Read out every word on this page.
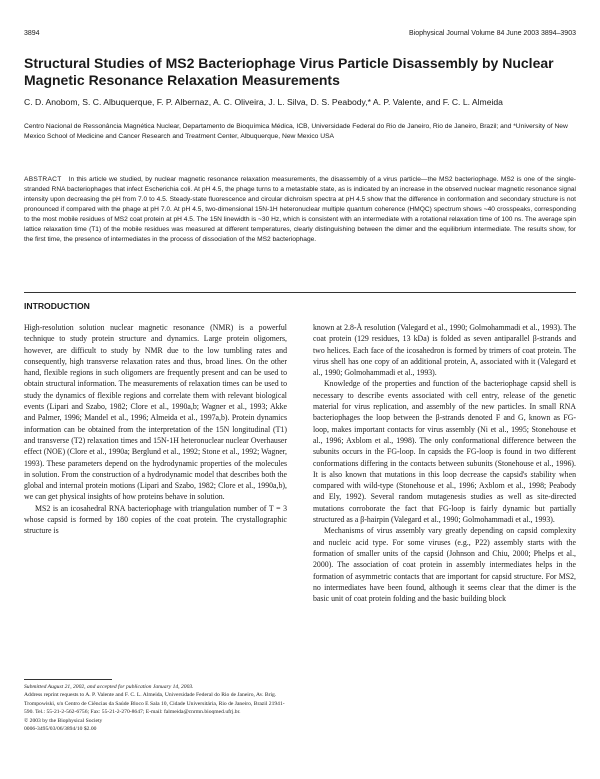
3894	Biophysical Journal Volume 84 June 2003 3894–3903
Structural Studies of MS2 Bacteriophage Virus Particle Disassembly by Nuclear Magnetic Resonance Relaxation Measurements
C. D. Anobom, S. C. Albuquerque, F. P. Albernaz, A. C. Oliveira, J. L. Silva, D. S. Peabody,* A. P. Valente, and F. C. L. Almeida
Centro Nacional de Ressonância Magnética Nuclear, Departamento de Bioquímica Médica, ICB, Universidade Federal do Rio de Janeiro, Rio de Janeiro, Brazil; and *University of New Mexico School of Medicine and Cancer Research and Treatment Center, Albuquerque, New Mexico USA
ABSTRACT In this article we studied, by nuclear magnetic resonance relaxation measurements, the disassembly of a virus particle—the MS2 bacteriophage. MS2 is one of the single-stranded RNA bacteriophages that infect Escherichia coli. At pH 4.5, the phage turns to a metastable state, as is indicated by an increase in the observed nuclear magnetic resonance signal intensity upon decreasing the pH from 7.0 to 4.5. Steady-state fluorescence and circular dichroism spectra at pH 4.5 show that the difference in conformation and secondary structure is not pronounced if compared with the phage at pH 7.0. At pH 4.5, two-dimensional 15N-1H heteronuclear multiple quantum coherence (HMQC) spectrum shows ~40 crosspeaks, corresponding to the most mobile residues of MS2 coat protein at pH 4.5. The 15N linewidth is ~30 Hz, which is consistent with an intermediate with a rotational relaxation time of 100 ns. The average spin lattice relaxation time (T1) of the mobile residues was measured at different temperatures, clearly distinguishing between the dimer and the equilibrium intermediate. The results show, for the first time, the presence of intermediates in the process of dissociation of the MS2 bacteriophage.
INTRODUCTION

High-resolution solution nuclear magnetic resonance (NMR) is a powerful technique to study protein structure and dynamics. Large protein oligomers, however, are difficult to study by NMR due to the low tumbling rates and consequently, high transverse relaxation rates and thus, broad lines. On the other hand, flexible regions in such oligomers are frequently present and can be used to obtain structural information. The measurements of relaxation times can be used to study the dynamics of flexible regions and correlate them with relevant biological events (Lipari and Szabo, 1982; Clore et al., 1990a,b; Wagner et al., 1993; Akke and Palmer, 1996; Mandel et al., 1996; Almeida et al., 1997a,b). Protein dynamics information can be obtained from the interpretation of the 15N longitudinal (T1) and transverse (T2) relaxation times and 15N-1H heteronuclear nuclear Overhauser effect (NOE) (Clore et al., 1990a; Berglund et al., 1992; Stone et al., 1992; Wagner, 1993). These parameters depend on the hydrodynamic properties of the molecules in solution. From the construction of a hydrodynamic model that describes both the global and internal protein motions (Lipari and Szabo, 1982; Clore et al., 1990a,b), we can get physical insights of how proteins behave in solution.

MS2 is an icosahedral RNA bacteriophage with triangulation number of T = 3 whose capsid is formed by 180 copies of the coat protein. The crystallographic structure is

known at 2.8-Å resolution (Valegard et al., 1990; Golmohammadi et al., 1993). The coat protein (129 residues, 13 kDa) is folded as seven antiparallel β-strands and two helices. Each face of the icosahedron is formed by trimers of coat protein. The virus shell has one copy of an additional protein, A, associated with it (Valegard et al., 1990; Golmohammadi et al., 1993).

Knowledge of the properties and function of the bacteriophage capsid shell is necessary to describe events associated with cell entry, release of the genetic material for virus replication, and assembly of the new particles. In small RNA bacteriophages the loop between the β-strands denoted F and G, known as FG-loop, makes important contacts for virus assembly (Ni et al., 1995; Stonehouse et al., 1996; Axblom et al., 1998). The only conformational difference between the subunits occurs in the FG-loop. In capsids the FG-loop is found in two different conformations differing in the contacts between subunits (Stonehouse et al., 1996). It is also known that mutations in this loop decrease the capsid's stability when compared with wild-type (Stonehouse et al., 1996; Axblom et al., 1998; Peabody and Ely, 1992). Several random mutagenesis studies as well as site-directed mutations corroborate the fact that FG-loop is fairly dynamic but partially structured as a β-hairpin (Valegard et al., 1990; Golmohammadi et al., 1993).

Mechanisms of virus assembly vary greatly depending on capsid complexity and nucleic acid type. For some viruses (e.g., P22) assembly starts with the formation of smaller units of the capsid (Johnson and Chiu, 2000; Phelps et al., 2000). The association of coat protein in assembly intermediates helps in the formation of asymmetric contacts that are important for capsid structure. For MS2, no intermediates have been found, although it seems clear that the dimer is the basic unit of coat protein folding and the basic building block

Submitted August 21, 2002, and accepted for publication January 14, 2003.
Address reprint requests to A. P. Valente and F. C. L. Almeida, Universidade Federal do Rio de Janeiro, Av. Brig. Trompowiski, s/n Centro de Ciências da Saúde Bloco E Sala 10, Cidade Universitária, Rio de Janeiro, Brazil 21941-590. Tel.: 55-21-2-562-6756; Fax: 55-21-2-270-8647; E-mail: falmeida@cnrmn.bioqmed.ufrj.br.
© 2003 by the Biophysical Society
0006-3495/03/06/3894/10 $2.00
